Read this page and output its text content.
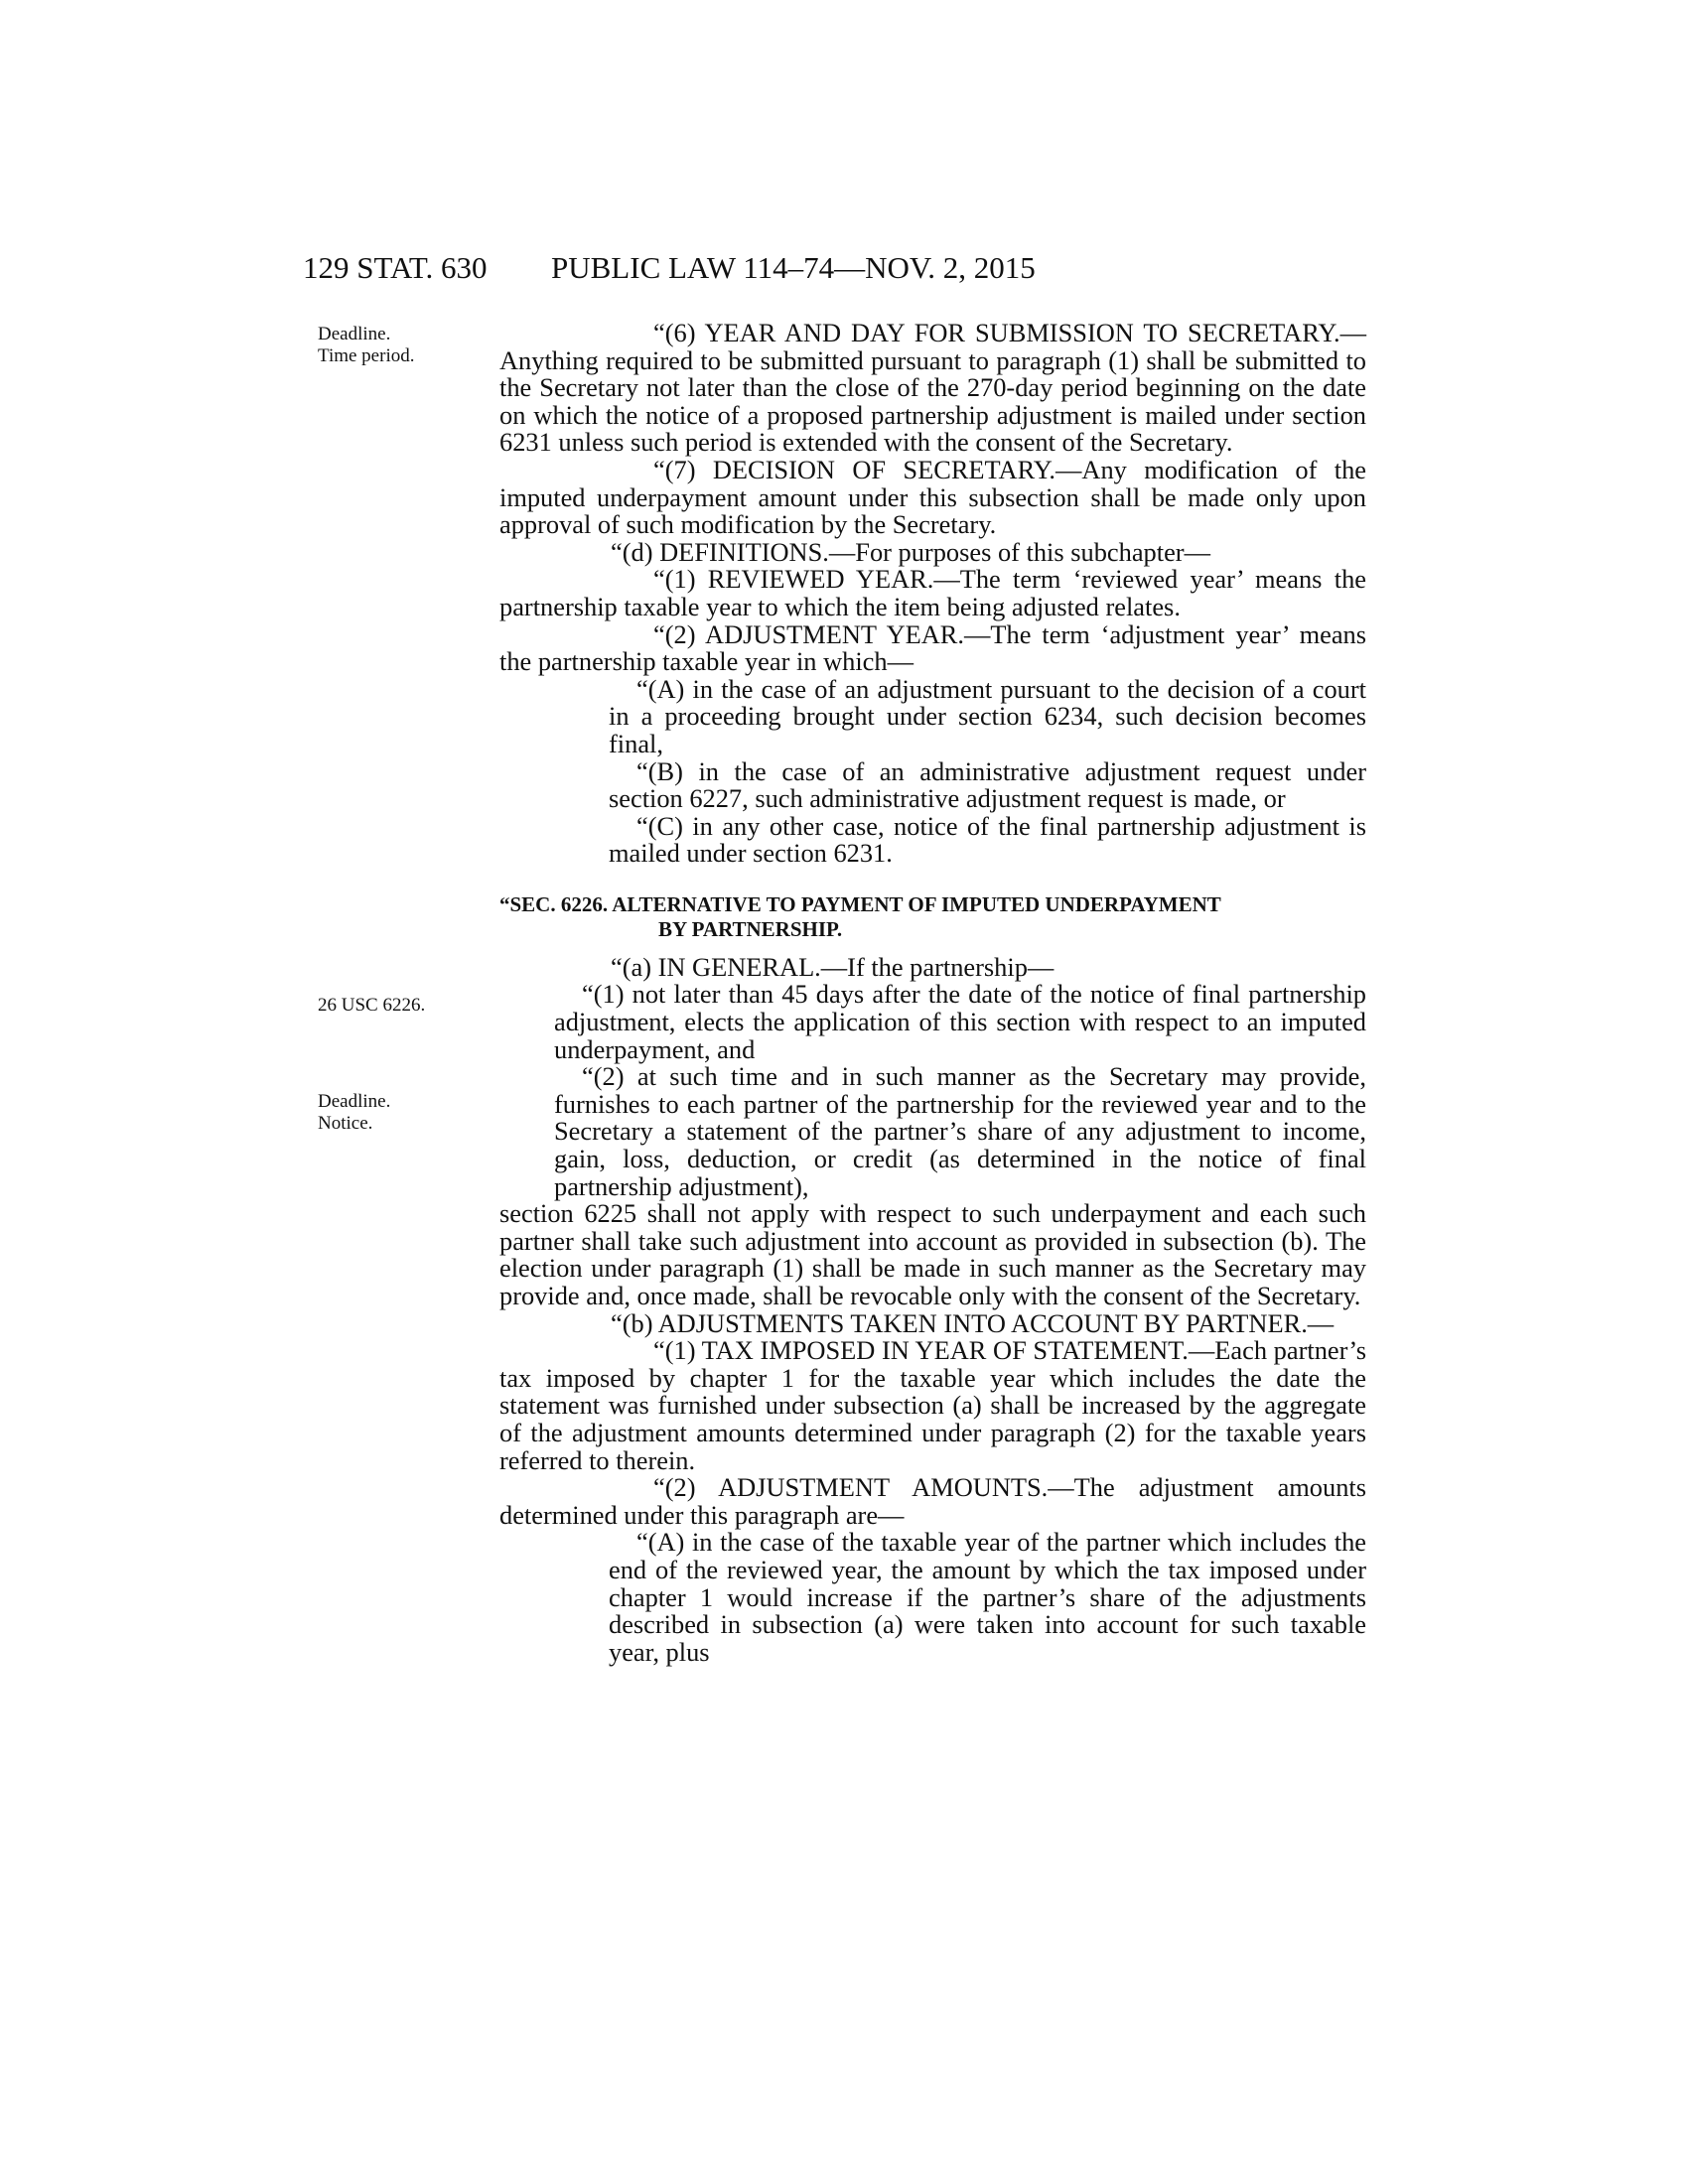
129 STAT. 630 PUBLIC LAW 114–74—NOV. 2, 2015
Deadline.
Time period.
26 USC 6226.
Deadline.
Notice.

“(6) YEAR AND DAY FOR SUBMISSION TO SECRETARY.—Anything required to be submitted pursuant to paragraph (1) shall be submitted to the Secretary not later than the close of the 270-day period beginning on the date on which the notice of a proposed partnership adjustment is mailed under section 6231 unless such period is extended with the consent of the Secretary.

“(7) DECISION OF SECRETARY.—Any modification of the imputed underpayment amount under this subsection shall be made only upon approval of such modification by the Secretary.

“(d) DEFINITIONS.—For purposes of this subchapter—

“(1) REVIEWED YEAR.—The term ‘reviewed year’ means the partnership taxable year to which the item being adjusted relates.

“(2) ADJUSTMENT YEAR.—The term ‘adjustment year’ means the partnership taxable year in which—

“(A) in the case of an adjustment pursuant to the decision of a court in a proceeding brought under section 6234, such decision becomes final,

“(B) in the case of an administrative adjustment request under section 6227, such administrative adjustment request is made, or

“(C) in any other case, notice of the final partnership adjustment is mailed under section 6231.

“SEC. 6226. ALTERNATIVE TO PAYMENT OF IMPUTED UNDERPAYMENT
BY PARTNERSHIP.

“(a) IN GENERAL.—If the partnership—

“(1) not later than 45 days after the date of the notice of final partnership adjustment, elects the application of this section with respect to an imputed underpayment, and

“(2) at such time and in such manner as the Secretary may provide, furnishes to each partner of the partnership for the reviewed year and to the Secretary a statement of the partner’s share of any adjustment to income, gain, loss, deduction, or credit (as determined in the notice of final partnership adjustment),

section 6225 shall not apply with respect to such underpayment and each such partner shall take such adjustment into account as provided in subsection (b). The election under paragraph (1) shall be made in such manner as the Secretary may provide and, once made, shall be revocable only with the consent of the Secretary.

“(b) ADJUSTMENTS TAKEN INTO ACCOUNT BY PARTNER.—

“(1) TAX IMPOSED IN YEAR OF STATEMENT.—Each partner’s tax imposed by chapter 1 for the taxable year which includes the date the statement was furnished under subsection (a) shall be increased by the aggregate of the adjustment amounts determined under paragraph (2) for the taxable years referred to therein.

“(2) ADJUSTMENT AMOUNTS.—The adjustment amounts determined under this paragraph are—

“(A) in the case of the taxable year of the partner which includes the end of the reviewed year, the amount by which the tax imposed under chapter 1 would increase if the partner’s share of the adjustments described in subsection (a) were taken into account for such taxable year, plus
